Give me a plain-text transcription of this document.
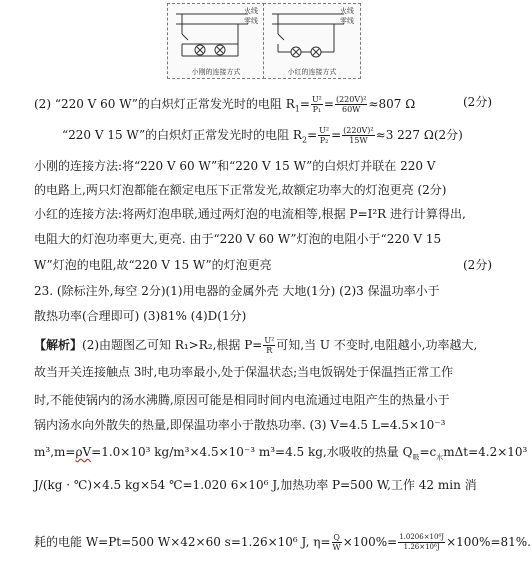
火线
零线
小刚的连接方式
火线
零线
小红的连接方式
(2) “220 V 60 W”的白炽灯正常发光时的电阻 $R_1= \frac{\text{U²}}{\text{P₁}} = \frac{\text{(220V)²}}{60W} \approx 807$ Ω	(2分)
“220 V 15 W”的白炽灯正常发光时的电阻 $R_2= \frac{\text{U²}}{\text{P₂}} = \frac{\text{(220V)²}}{15W} \approx 3$ 227 Ω(2分)
小刚的连接方法:将“220 V 60 W”和“220 V 15 W”的白炽灯并联在 220 V
的电路上,两只灯泡都能在额定电压下正常发光,故额定功率大的灯泡更亮 (2分)
小红的连接方法:将两灯泡串联,通过两灯泡的电流相等,根据 P=I²R 进行计算得出,
电阻大的灯泡功率更大,更亮. 由于“220 V 60 W”灯泡的电阻小于“220 V 15
W”灯泡的电阻,故“220 V 15 W”的灯泡更亮	(2分)
23. (除标注外,每空 2分)(1)用电器的金属外壳 大地(1分) (2)3 保温功率小于
散热功率(合理即可) (3)81% (4)D(1分)
【解析】(2)由题图乙可知 R₁>R₂,根据 $P= \frac{\text{U²}}{R}$ 可知,当 U 不变时,电阻越小,功率越大,
故当开关连接触点 3时,电功率最小,处于保温状态;当电饭锅处于保温挡正常工作
时,不能使锅内的汤水沸腾,原因可能是相同时间内电流通过电阻产生的热量小于
锅内汤水向外散失的热量,即保温功率小于散热功率. (3) V=4.5 L=4.5×10⁻³
m³,m=ρV=1.0×10³ kg/m³×4.5×10⁻³ m³=4.5 kg,水吸收的热量 $Q_吸=c_水m\Delta t=4.2\times 10^3$
J/(kg · ℃)×4.5 kg×54 ℃=1.020 6×10⁶ J,加热功率 P=500 W,工作 42 min 消
耗的电能 W=Pt=500 W×42×60 s=1.26×10⁶ J, $\eta= \frac{Q}{W} \times 100\%= \frac{\text{1.0206×10⁶J}}{\text{1.26×10⁶J}} \times 100\%=81\%$.
